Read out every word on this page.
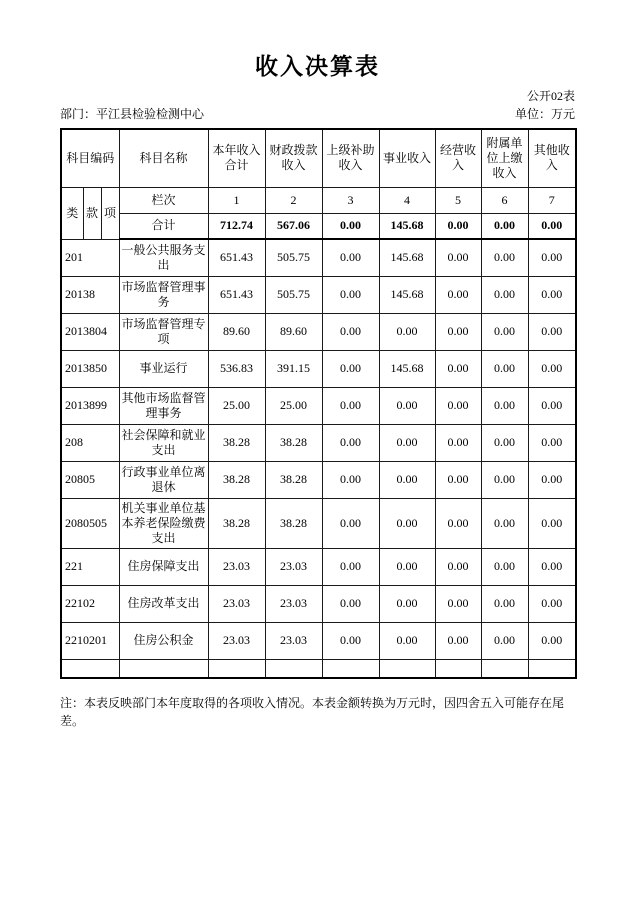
收入决算表
公开02表
部门：平江县检验检测中心	单位：万元
科目编码			科目名称	本年收入合计	财政拨款收入	上级补助收入	事业收入	经营收入	附属单位上缴收入	其他收入
类	款	项	栏次	1	2	3	4	5	6	7
			合计	712.74	567.06	0.00	145.68	0.00	0.00	0.00
201			一般公共服务支出	651.43	505.75	0.00	145.68	0.00	0.00	0.00
20138			市场监督管理事务	651.43	505.75	0.00	145.68	0.00	0.00	0.00
2013804			市场监督管理专项	89.60	89.60	0.00	0.00	0.00	0.00	0.00
2013850			事业运行	536.83	391.15	0.00	145.68	0.00	0.00	0.00
2013899			其他市场监督管理事务	25.00	25.00	0.00	0.00	0.00	0.00	0.00
208			社会保障和就业支出	38.28	38.28	0.00	0.00	0.00	0.00	0.00
20805			行政事业单位离退休	38.28	38.28	0.00	0.00	0.00	0.00	0.00
2080505			机关事业单位基本养老保险缴费支出	38.28	38.28	0.00	0.00	0.00	0.00	0.00
221			住房保障支出	23.03	23.03	0.00	0.00	0.00	0.00	0.00
22102			住房改革支出	23.03	23.03	0.00	0.00	0.00	0.00	0.00
2210201			住房公积金	23.03	23.03	0.00	0.00	0.00	0.00	0.00

注：本表反映部门本年度取得的各项收入情况。本表金额转换为万元时，因四舍五入可能存在尾差。
